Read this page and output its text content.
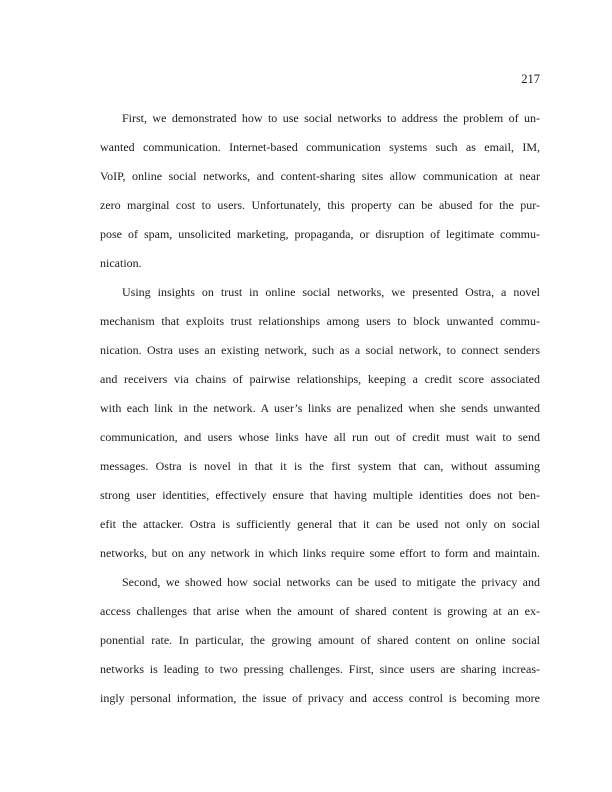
217
First, we demonstrated how to use social networks to address the problem of un-
wanted communication. Internet-based communication systems such as email, IM,
VoIP, online social networks, and content-sharing sites allow communication at near
zero marginal cost to users. Unfortunately, this property can be abused for the pur-
pose of spam, unsolicited marketing, propaganda, or disruption of legitimate commu-
nication.
Using insights on trust in online social networks, we presented Ostra, a novel
mechanism that exploits trust relationships among users to block unwanted commu-
nication. Ostra uses an existing network, such as a social network, to connect senders
and receivers via chains of pairwise relationships, keeping a credit score associated
with each link in the network. A user’s links are penalized when she sends unwanted
communication, and users whose links have all run out of credit must wait to send
messages. Ostra is novel in that it is the first system that can, without assuming
strong user identities, effectively ensure that having multiple identities does not ben-
efit the attacker. Ostra is sufficiently general that it can be used not only on social
networks, but on any network in which links require some effort to form and maintain.
Second, we showed how social networks can be used to mitigate the privacy and
access challenges that arise when the amount of shared content is growing at an ex-
ponential rate. In particular, the growing amount of shared content on online social
networks is leading to two pressing challenges. First, since users are sharing increas-
ingly personal information, the issue of privacy and access control is becoming more
